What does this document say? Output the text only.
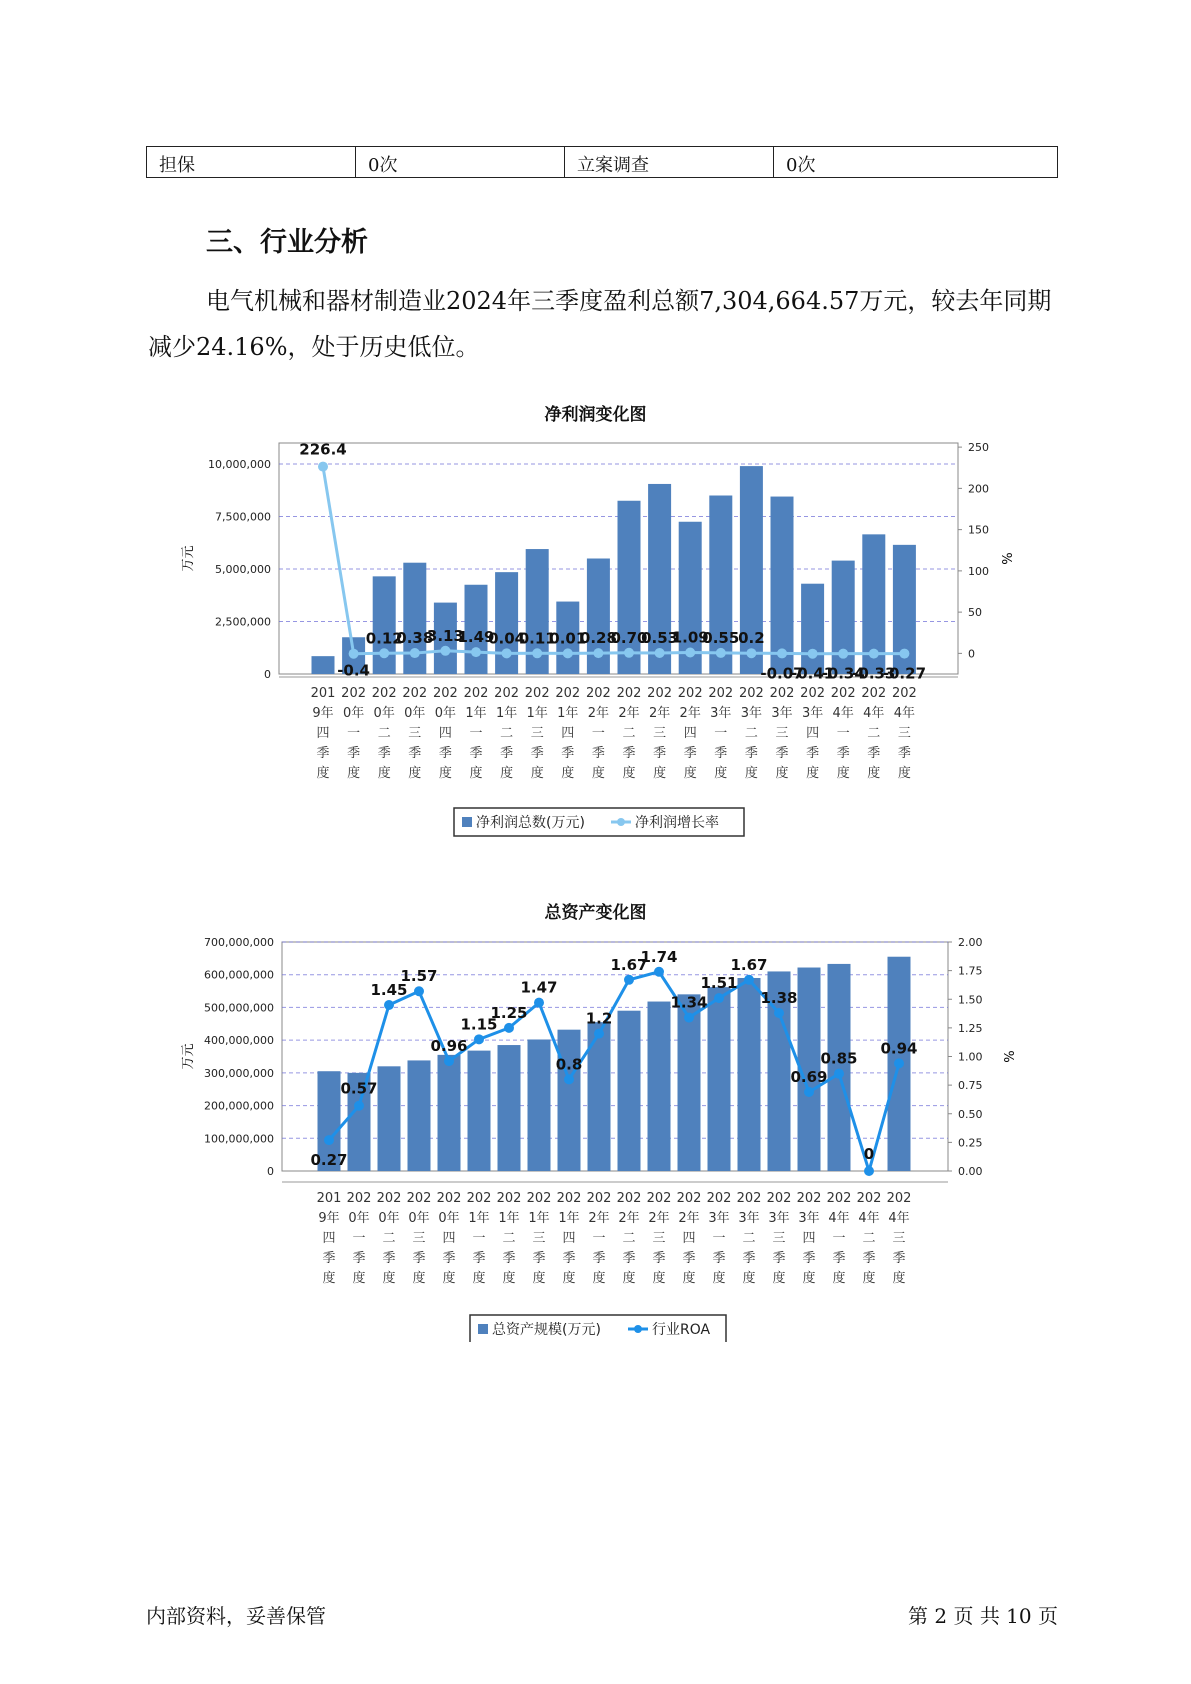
担保	0次	立案调查	0次
三、行业分析
电气机械和器材制造业2024年三季度盈利总额7,304,664.57万元，较去年同期减少24.16%，处于历史低位。
净利润变化图
0
2,500,000
5,000,000
7,500,000
10,000,000
0
50
100
150
200
250
万元	%
201
9年
四
季
度
202
0年
一
季
度
202
0年
二
季
度
202
0年
三
季
度
202
0年
四
季
度
202
1年
一
季
度
202
1年
二
季
度
202
1年
三
季
度
202
1年
四
季
度
202
2年
一
季
度
202
2年
二
季
度
202
2年
三
季
度
202
2年
四
季
度
202
3年
一
季
度
202
3年
二
季
度
202
3年
三
季
度
202
3年
四
季
度
202
4年
一
季
度
202
4年
二
季
度
202
4年
三
季
度
226.4
-0.4
0.12
0.38
3.13
1.49
0.04
0.11
0.01
0.28
0.70
0.53
1.09
0.55
0.2
-0.07
-0.41
-0.34
-0.33
-0.27
净利润总数(万元)	净利润增长率
总资产变化图
0
100,000,000
200,000,000
300,000,000
400,000,000
500,000,000
600,000,000
700,000,000
0.00
0.25
0.50
0.75
1.00
1.25
1.50
1.75
2.00
万元	%
201
9年
四
季
度
202
0年
一
季
度
202
0年
二
季
度
202
0年
三
季
度
202
0年
四
季
度
202
1年
一
季
度
202
1年
二
季
度
202
1年
三
季
度
202
1年
四
季
度
202
2年
一
季
度
202
2年
二
季
度
202
2年
三
季
度
202
2年
四
季
度
202
3年
一
季
度
202
3年
二
季
度
202
3年
三
季
度
202
3年
四
季
度
202
4年
一
季
度
202
4年
二
季
度
202
4年
三
季
度
0.27
0.57
1.45
1.57
0.96
1.15
1.25
1.47
0.8
1.2
1.67
1.74
1.34
1.51
1.67
1.38
0.69
0.85
0
0.94
总资产规模(万元)	行业ROA
内部资料，妥善保管	第 2 页 共 10 页
